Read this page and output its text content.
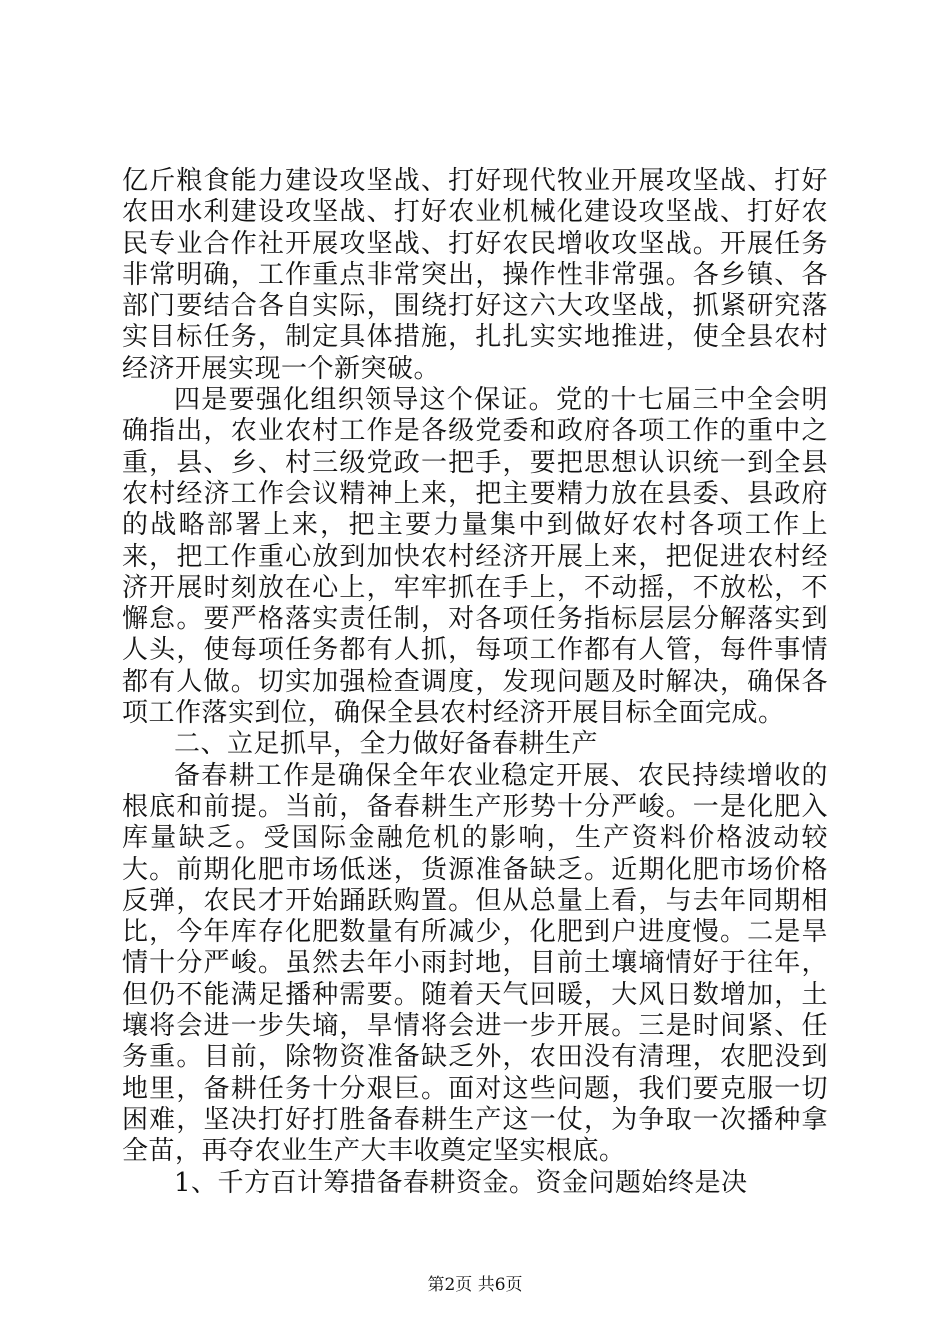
亿斤粮食能力建设攻坚战、打好现代牧业开展攻坚战、打好农田水利建设攻坚战、打好农业机械化建设攻坚战、打好农民专业合作社开展攻坚战、打好农民增收攻坚战。开展任务非常明确，工作重点非常突出，操作性非常强。各乡镇、各部门要结合各自实际，围绕打好这六大攻坚战，抓紧研究落实目标任务，制定具体措施，扎扎实实地推进，使全县农村经济开展实现一个新突破。

四是要强化组织领导这个保证。党的十七届三中全会明确指出，农业农村工作是各级党委和政府各项工作的重中之重，县、乡、村三级党政一把手，要把思想认识统一到全县农村经济工作会议精神上来，把主要精力放在县委、县政府的战略部署上来，把主要力量集中到做好农村各项工作上来，把工作重心放到加快农村经济开展上来，把促进农村经济开展时刻放在心上，牢牢抓在手上，不动摇，不放松，不懈怠。要严格落实责任制，对各项任务指标层层分解落实到人头，使每项任务都有人抓，每项工作都有人管，每件事情都有人做。切实加强检查调度，发现问题及时解决，确保各项工作落实到位，确保全县农村经济开展目标全面完成。

二、立足抓早，全力做好备春耕生产

备春耕工作是确保全年农业稳定开展、农民持续增收的根底和前提。当前，备春耕生产形势十分严峻。一是化肥入库量缺乏。受国际金融危机的影响，生产资料价格波动较大。前期化肥市场低迷，货源准备缺乏。近期化肥市场价格反弹，农民才开始踊跃购置。但从总量上看，与去年同期相比，今年库存化肥数量有所减少，化肥到户进度慢。二是旱情十分严峻。虽然去年小雨封地，目前土壤墒情好于往年，但仍不能满足播种需要。随着天气回暖，大风日数增加，土壤将会进一步失墒，旱情将会进一步开展。三是时间紧、任务重。目前，除物资准备缺乏外，农田没有清理，农肥没到地里，备耕任务十分艰巨。面对这些问题，我们要克服一切困难，坚决打好打胜备春耕生产这一仗，为争取一次播种拿全苗，再夺农业生产大丰收奠定坚实根底。

1、千方百计筹措备春耕资金。资金问题始终是决

第2页 共6页
